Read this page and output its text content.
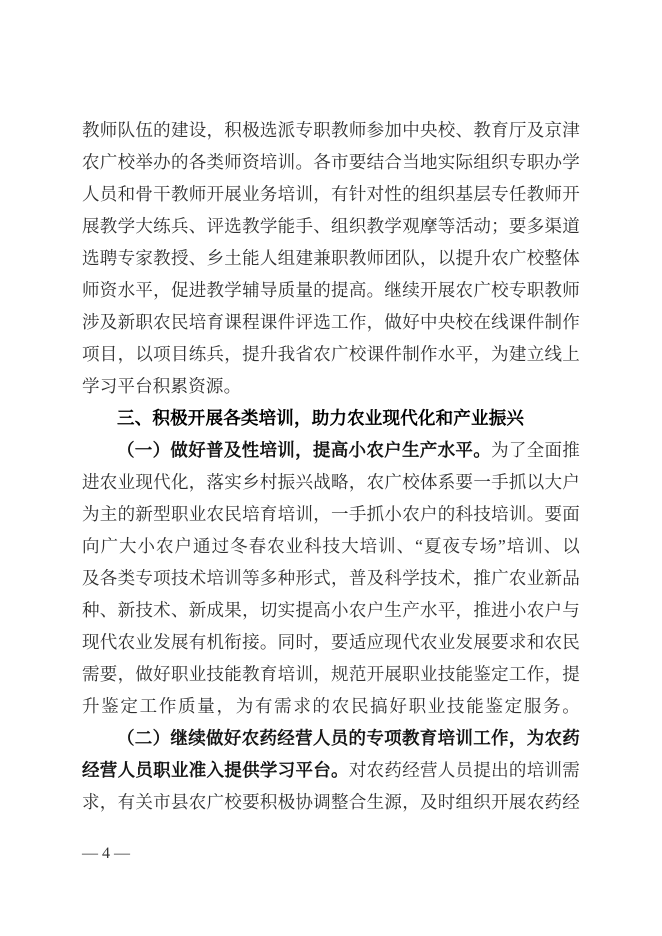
教师队伍的建设，积极选派专职教师参加中央校、教育厅及京津
农广校举办的各类师资培训。各市要结合当地实际组织专职办学
人员和骨干教师开展业务培训，有针对性的组织基层专任教师开
展教学大练兵、评选教学能手、组织教学观摩等活动；要多渠道
选聘专家教授、乡土能人组建兼职教师团队，以提升农广校整体
师资水平，促进教学辅导质量的提高。继续开展农广校专职教师
涉及新职农民培育课程课件评选工作，做好中央校在线课件制作
项目，以项目练兵，提升我省农广校课件制作水平，为建立线上
学习平台积累资源。
三、积极开展各类培训，助力农业现代化和产业振兴
（一）做好普及性培训，提高小农户生产水平。为了全面推
进农业现代化，落实乡村振兴战略，农广校体系要一手抓以大户
为主的新型职业农民培育培训，一手抓小农户的科技培训。要面
向广大小农户通过冬春农业科技大培训、“夏夜专场”培训、以
及各类专项技术培训等多种形式，普及科学技术，推广农业新品
种、新技术、新成果，切实提高小农户生产水平，推进小农户与
现代农业发展有机衔接。同时，要适应现代农业发展要求和农民
需要，做好职业技能教育培训，规范开展职业技能鉴定工作，提
升鉴定工作质量，为有需求的农民搞好职业技能鉴定服务。
（二）继续做好农药经营人员的专项教育培训工作，为农药
经营人员职业准入提供学习平台。对农药经营人员提出的培训需
求，有关市县农广校要积极协调整合生源，及时组织开展农药经
— 4 —
